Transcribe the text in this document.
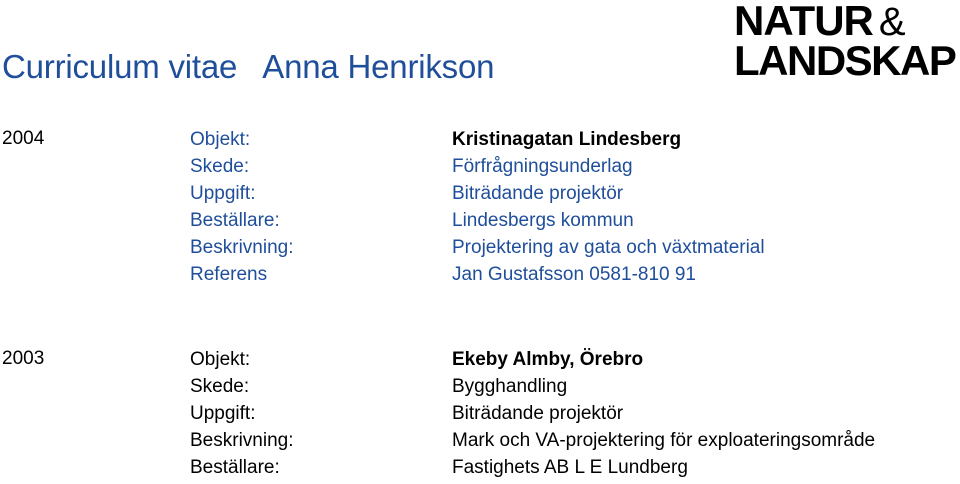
Curriculum vitae   Anna Henrikson
NATUR &
LANDSKAP
2004	Objekt:	Kristinagatan Lindesberg
Skede:	Förfrågningsunderlag
Uppgift:	Biträdande projektör
Beställare:	Lindesbergs kommun
Beskrivning:	Projektering av gata och växtmaterial
Referens	Jan Gustafsson 0581-810 91
2003	Objekt:	Ekeby Almby, Örebro
Skede:	Bygghandling
Uppgift:	Biträdande projektör
Beskrivning:	Mark och VA-projektering för exploateringsområde
Beställare:	Fastighets AB L E Lundberg
